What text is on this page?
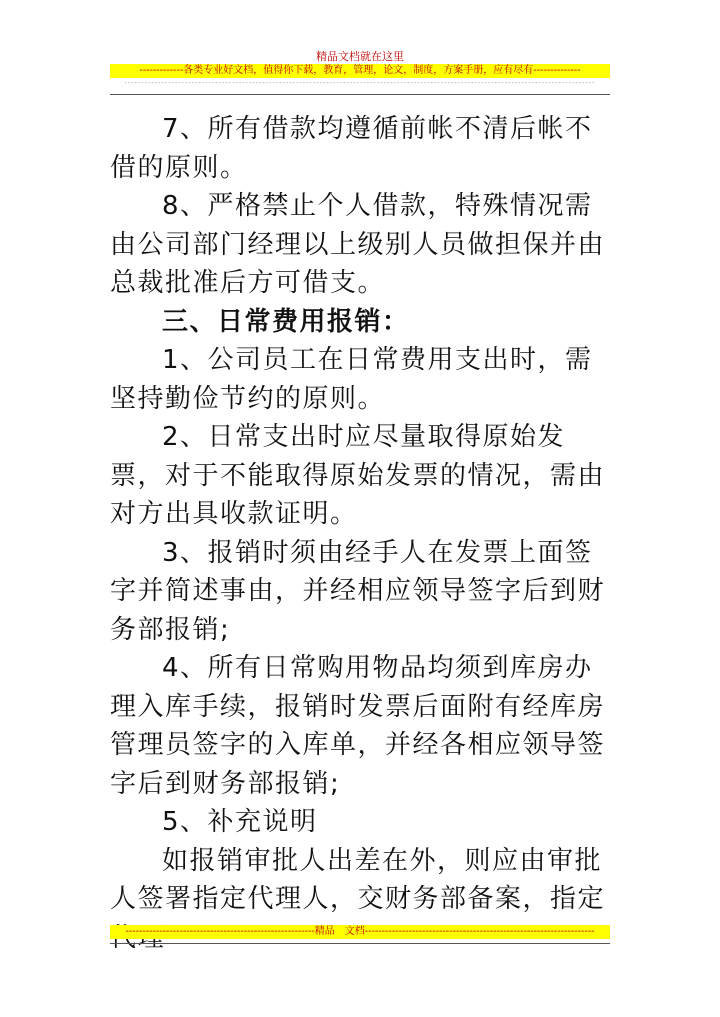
精品文档就在这里
-------------各类专业好文档，值得你下载，教育，管理，论文，制度，方案手册，应有尽有--------------
--------------------------------------------------------------------------------------------------------------------------------------------

7、所有借款均遵循前帐不清后帐不借的原则。

8、严格禁止个人借款，特殊情况需由公司部门经理以上级别人员做担保并由总裁批准后方可借支。

三、日常费用报销：

1、公司员工在日常费用支出时，需坚持勤俭节约的原则。

2、日常支出时应尽量取得原始发票，对于不能取得原始发票的情况，需由对方出具收款证明。

3、报销时须由经手人在发票上面签字并简述事由，并经相应领导签字后到财务部报销;

4、所有日常购用物品均须到库房办理入库手续，报销时发票后面附有经库房管理员签字的入库单，并经各相应领导签字后到财务部报销;

5、补充说明

如报销审批人出差在外，则应由审批人签署指定代理人，交财务部备案，指定

--------------------------------------------------------精品　文档--------------------------------------------------------------------
